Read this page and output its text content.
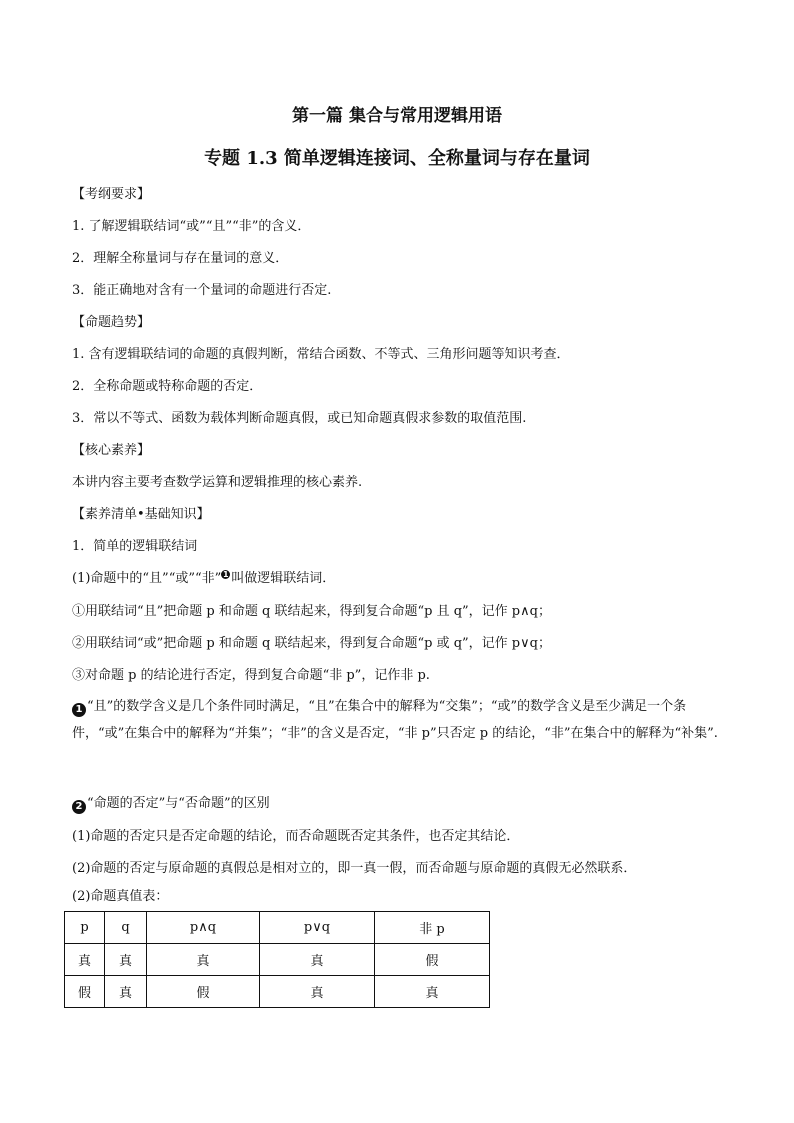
第一篇 集合与常用逻辑用语
专题 1.3 简单逻辑连接词、全称量词与存在量词

【考纲要求】

1. 了解逻辑联结词“或”“且”“非”的含义．

2．理解全称量词与存在量词的意义．

3．能正确地对含有一个量词的命题进行否定.

【命题趋势】

1. 含有逻辑联结词的命题的真假判断，常结合函数、不等式、三角形问题等知识考查．

2．全称命题或特称命题的否定．

3．常以不等式、函数为载体判断命题真假，或已知命题真假求参数的取值范围.

【核心素养】

本讲内容主要考查数学运算和逻辑推理的核心素养.

【素养清单•基础知识】

1．简单的逻辑联结词

(1)命题中的“且”“或”“非” 1 叫做逻辑联结词．

①用联结词“且”把命题 p 和命题 q 联结起来，得到复合命题“p 且 q”，记作 p∧q；

②用联结词“或”把命题 p 和命题 q 联结起来，得到复合命题“p 或 q”，记作 p∨q；

③对命题 p 的结论进行否定，得到复合命题“非 p”，记作非 p.

1 “且”的数学含义是几个条件同时满足，“且”在集合中的解释为“交集”；“或”的数学含义是至少满足一个条件，“或”在集合中的解释为“并集”；“非”的含义是否定，“非 p”只否定 p 的结论，“非”在集合中的解释为“补集”.

2 “命题的否定”与“否命题”的区别

(1)命题的否定只是否定命题的结论，而否命题既否定其条件，也否定其结论．

(2)命题的否定与原命题的真假总是相对立的，即一真一假，而否命题与原命题的真假无必然联系．

(2)命题真值表：

p	q	p∧q	p∨q	非 p
真	真	真	真	假
假	真	假	真	真
